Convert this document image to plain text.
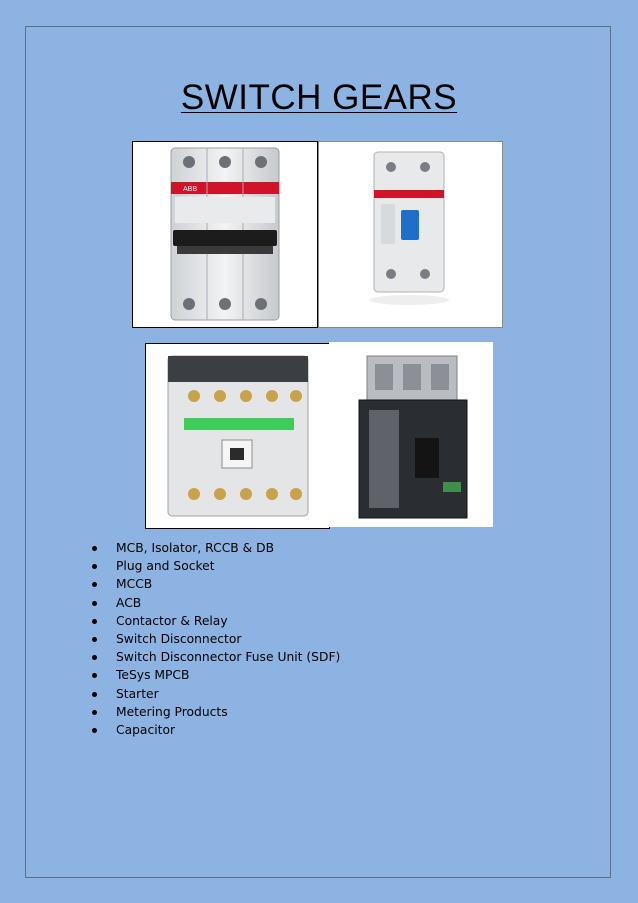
SWITCH GEARS
ABB
MCB, Isolator, RCCB & DB
Plug and Socket
MCCB
ACB
Contactor & Relay
Switch Disconnector
Switch Disconnector Fuse Unit (SDF)
TeSys MPCB
Starter
Metering Products
Capacitor
